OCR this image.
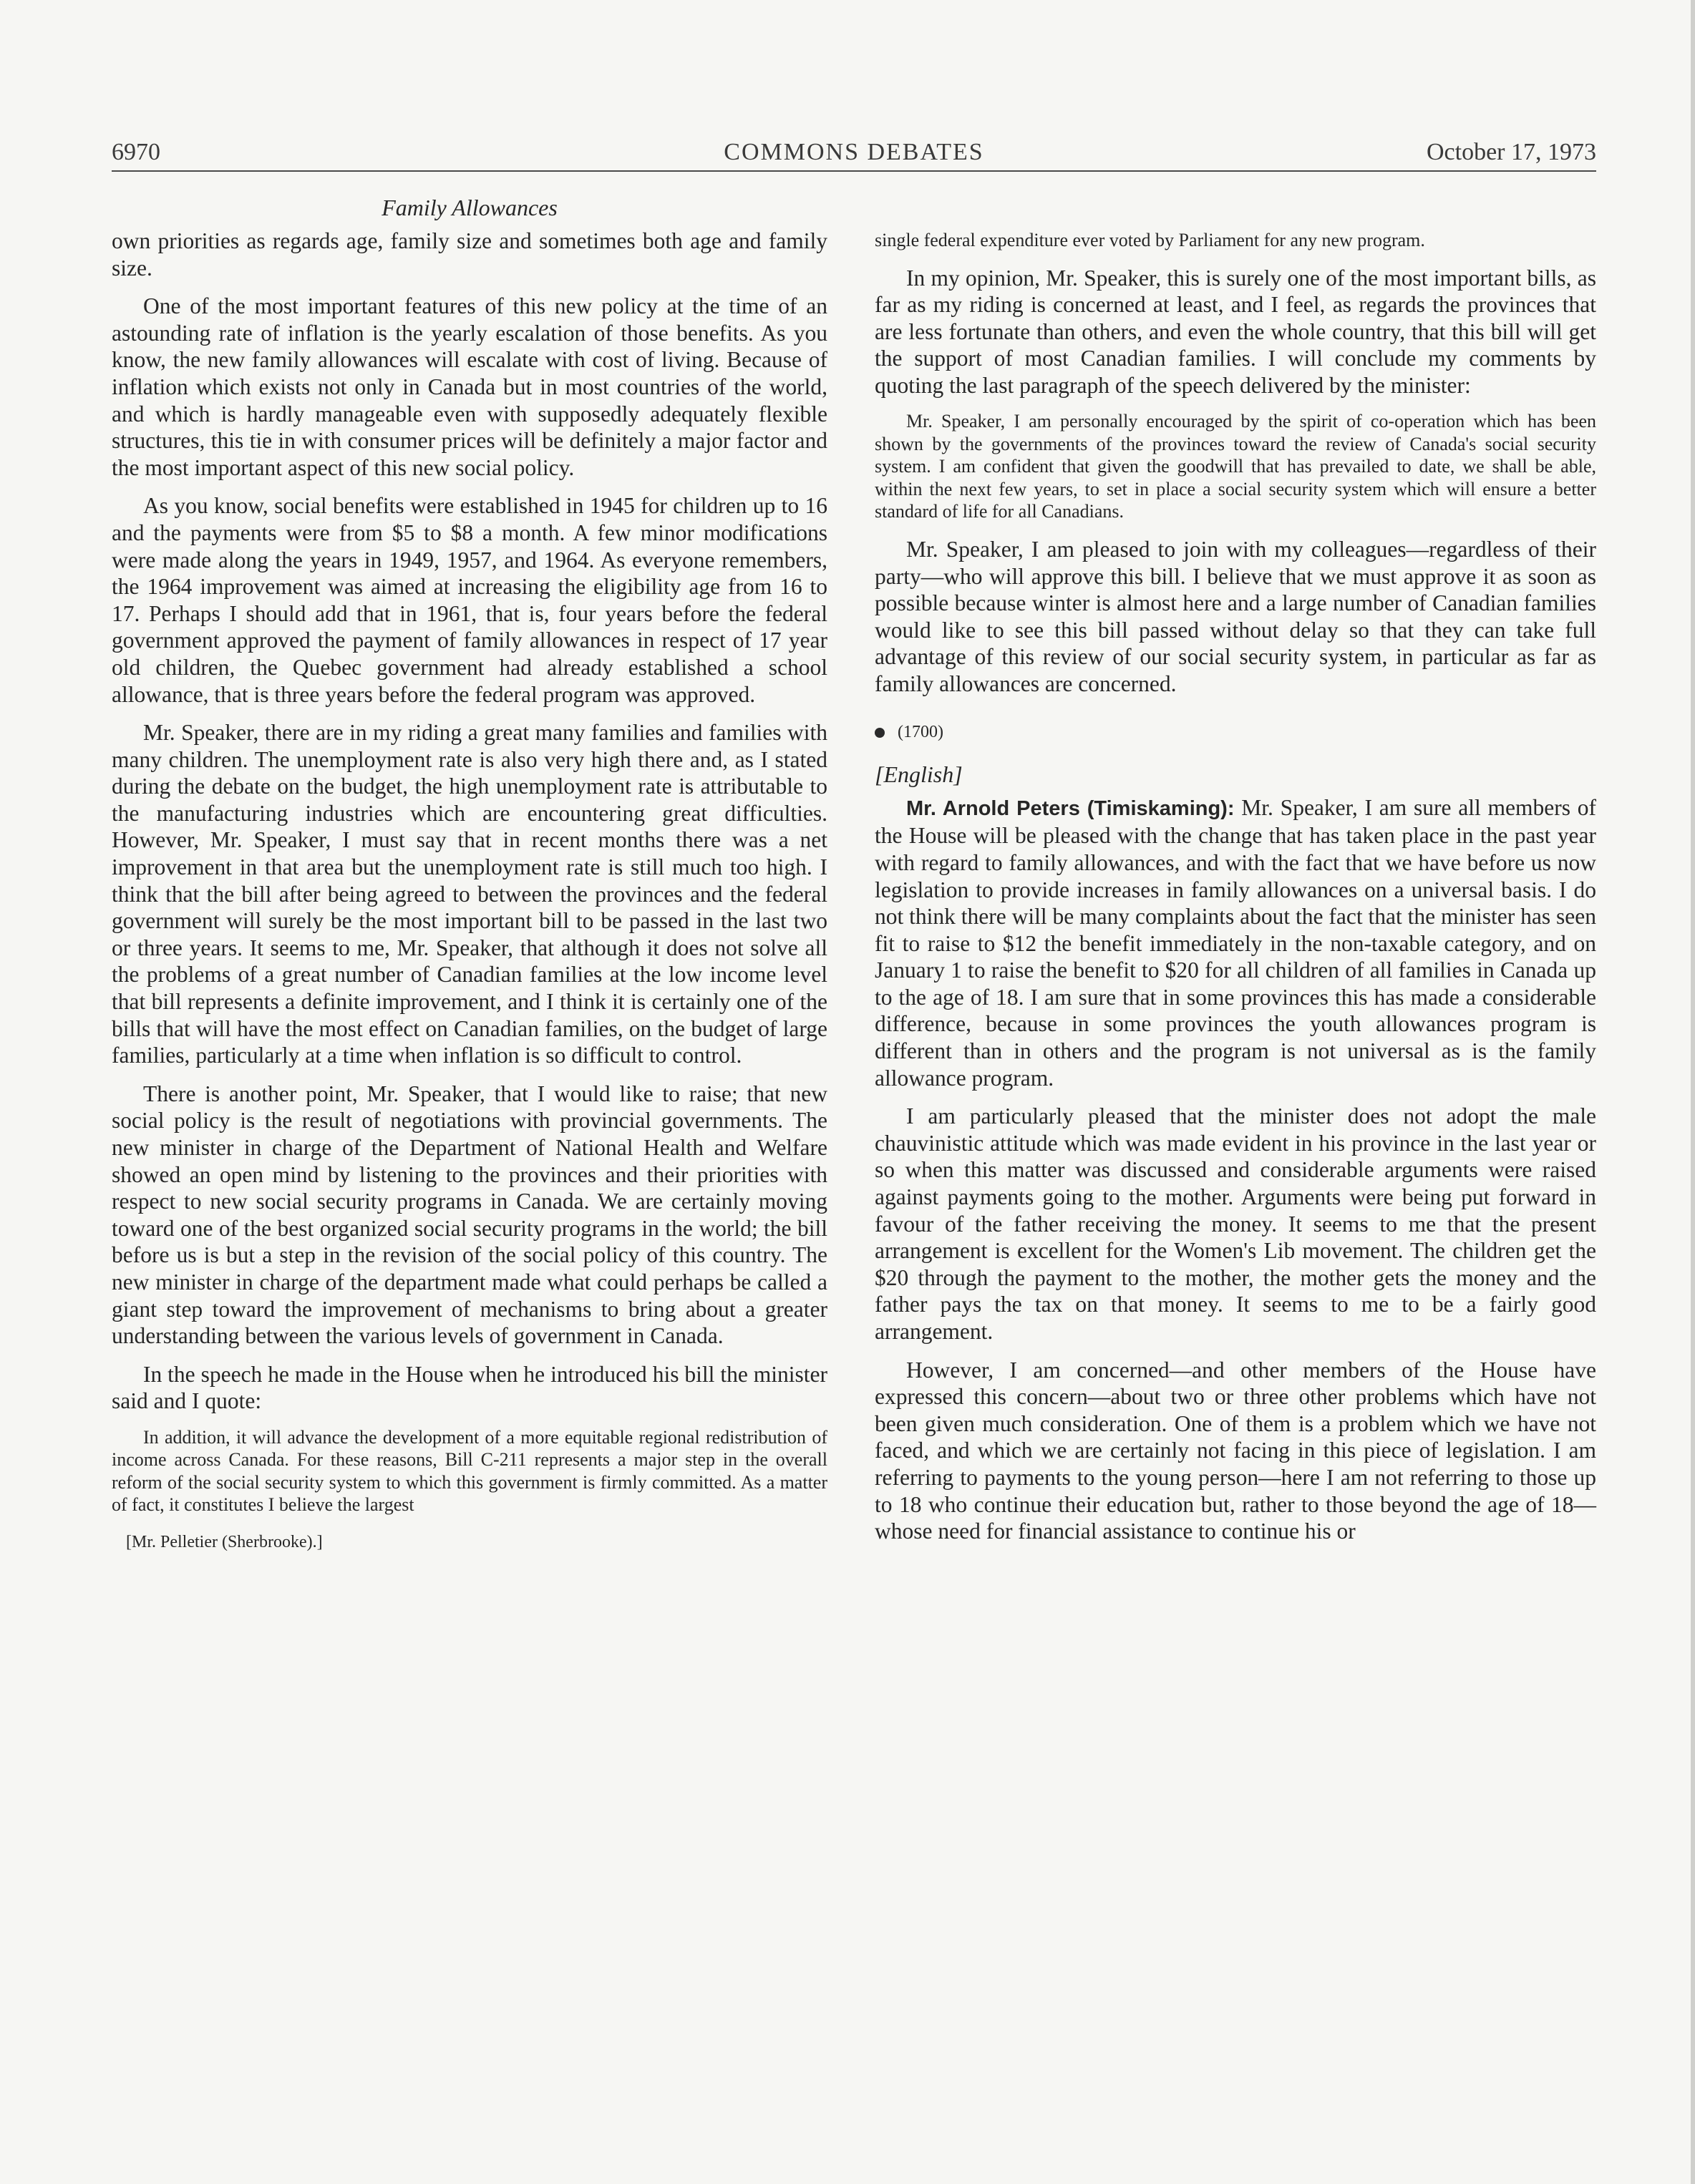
6970	COMMONS DEBATES	October 17, 1973
Family Allowances

own priorities as regards age, family size and sometimes both age and family size.

One of the most important features of this new policy at the time of an astounding rate of inflation is the yearly escalation of those benefits. As you know, the new family allowances will escalate with cost of living. Because of inflation which exists not only in Canada but in most countries of the world, and which is hardly manageable even with supposedly adequately flexible structures, this tie in with consumer prices will be definitely a major factor and the most important aspect of this new social policy.

As you know, social benefits were established in 1945 for children up to 16 and the payments were from $5 to $8 a month. A few minor modifications were made along the years in 1949, 1957, and 1964. As everyone remembers, the 1964 improvement was aimed at increasing the eligibility age from 16 to 17. Perhaps I should add that in 1961, that is, four years before the federal government approved the payment of family allowances in respect of 17 year old children, the Quebec government had already established a school allowance, that is three years before the federal program was approved.

Mr. Speaker, there are in my riding a great many families and families with many children. The unemployment rate is also very high there and, as I stated during the debate on the budget, the high unemployment rate is attributable to the manufacturing industries which are encountering great difficulties. However, Mr. Speaker, I must say that in recent months there was a net improvement in that area but the unemployment rate is still much too high. I think that the bill after being agreed to between the provinces and the federal government will surely be the most important bill to be passed in the last two or three years. It seems to me, Mr. Speaker, that although it does not solve all the problems of a great number of Canadian families at the low income level that bill represents a definite improvement, and I think it is certainly one of the bills that will have the most effect on Canadian families, on the budget of large families, particularly at a time when inflation is so difficult to control.

There is another point, Mr. Speaker, that I would like to raise; that new social policy is the result of negotiations with provincial governments. The new minister in charge of the Department of National Health and Welfare showed an open mind by listening to the provinces and their priorities with respect to new social security programs in Canada. We are certainly moving toward one of the best organized social security programs in the world; the bill before us is but a step in the revision of the social policy of this country. The new minister in charge of the department made what could perhaps be called a giant step toward the improvement of mechanisms to bring about a greater understanding between the various levels of government in Canada.

In the speech he made in the House when he introduced his bill the minister said and I quote:

In addition, it will advance the development of a more equitable regional redistribution of income across Canada. For these reasons, Bill C-211 represents a major step in the overall reform of the social security system to which this government is firmly committed. As a matter of fact, it constitutes I believe the largest
[Mr. Pelletier (Sherbrooke).]
single federal expenditure ever voted by Parliament for any new program.

In my opinion, Mr. Speaker, this is surely one of the most important bills, as far as my riding is concerned at least, and I feel, as regards the provinces that are less fortunate than others, and even the whole country, that this bill will get the support of most Canadian families. I will conclude my comments by quoting the last paragraph of the speech delivered by the minister:

Mr. Speaker, I am personally encouraged by the spirit of co-operation which has been shown by the governments of the provinces toward the review of Canada's social security system. I am confident that given the goodwill that has prevailed to date, we shall be able, within the next few years, to set in place a social security system which will ensure a better standard of life for all Canadians.

Mr. Speaker, I am pleased to join with my colleagues—regardless of their party—who will approve this bill. I believe that we must approve it as soon as possible because winter is almost here and a large number of Canadian families would like to see this bill passed without delay so that they can take full advantage of this review of our social security system, in particular as far as family allowances are concerned.

(1700)
[English]

Mr. Arnold Peters (Timiskaming): Mr. Speaker, I am sure all members of the House will be pleased with the change that has taken place in the past year with regard to family allowances, and with the fact that we have before us now legislation to provide increases in family allowances on a universal basis. I do not think there will be many complaints about the fact that the minister has seen fit to raise to $12 the benefit immediately in the non-taxable category, and on January 1 to raise the benefit to $20 for all children of all families in Canada up to the age of 18. I am sure that in some provinces this has made a considerable difference, because in some provinces the youth allowances program is different than in others and the program is not universal as is the family allowance program.

I am particularly pleased that the minister does not adopt the male chauvinistic attitude which was made evident in his province in the last year or so when this matter was discussed and considerable arguments were raised against payments going to the mother. Arguments were being put forward in favour of the father receiving the money. It seems to me that the present arrangement is excellent for the Women's Lib movement. The children get the $20 through the payment to the mother, the mother gets the money and the father pays the tax on that money. It seems to me to be a fairly good arrangement.

However, I am concerned—and other members of the House have expressed this concern—about two or three other problems which have not been given much consideration. One of them is a problem which we have not faced, and which we are certainly not facing in this piece of legislation. I am referring to payments to the young person—here I am not referring to those up to 18 who continue their education but, rather to those beyond the age of 18—whose need for financial assistance to continue his or
